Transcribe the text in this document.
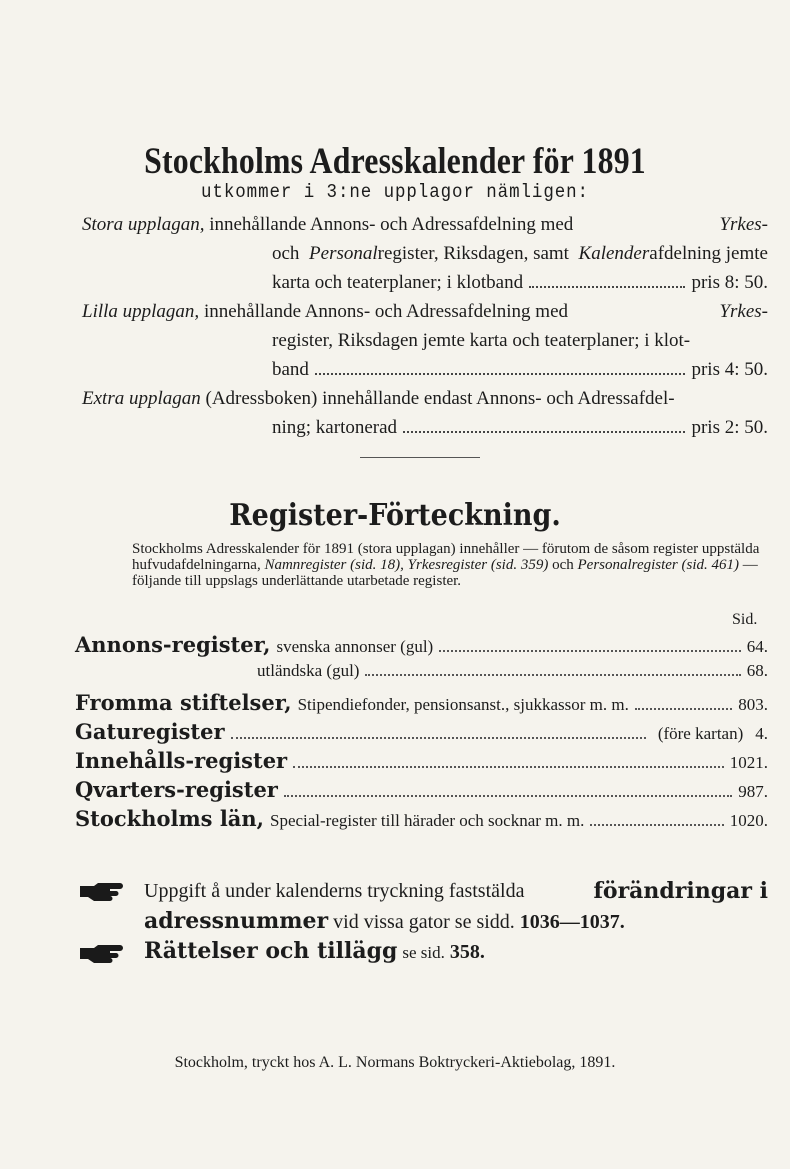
Stockholms Adresskalender för 1891
utkommer i 3:ne upplagor nämligen:
Stora upplagan, innehållande Annons- och Adressafdelning med	Yrkes-
och Personalregister, Riksdagen, samt Kalenderafdelning jemte
karta och teaterplaner; i klotband	pris 8: 50.
Lilla upplagan, innehållande Annons- och Adressafdelning med	Yrkes-
register, Riksdagen jemte karta och teaterplaner; i klot-
band	pris 4: 50.
Extra upplagan (Adressboken) innehållande endast Annons- och Adressafdel-
ning; kartonerad	pris 2: 50.
Register-Förteckning.
Stockholms Adresskalender för 1891 (stora upplagan) innehåller — förutom de såsom register uppstälda hufvudafdelningarna, Namnregister (sid. 18), Yrkesregister (sid. 359) och Personalregister (sid. 461) — följande till uppslags underlättande utarbetade register.
Sid.
Annons-register, svenska annonser (gul)	64.
utländska (gul)	68.
Fromma stiftelser, Stipendiefonder, pensionsanst., sjukkassor m. m.	803.
Gaturegister	(före kartan) 4.
Innehålls-register	1021.
Qvarters-register	987.
Stockholms län, Special-register till härader och socknar m. m.	1020.
Uppgift å under kalenderns tryckning faststälda	förändringar i
adressnummer vid vissa gator se sidd. 1036—1037.
Rättelser och tillägg se sid. 358.
Stockholm, tryckt hos A. L. Normans Boktryckeri-Aktiebolag, 1891.
